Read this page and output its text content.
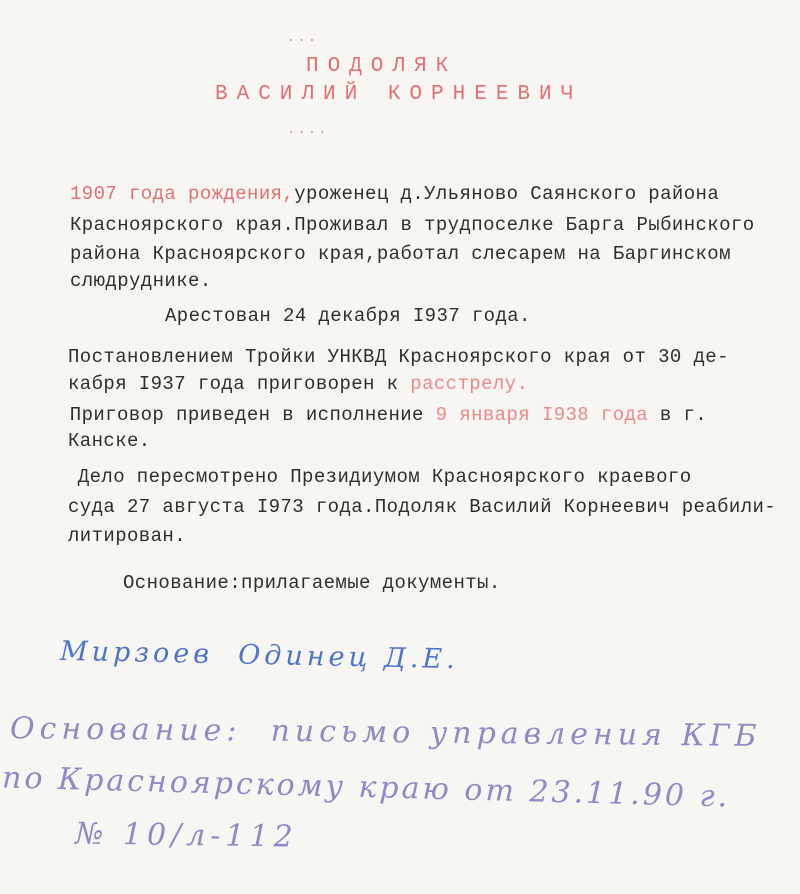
...
ПОДОЛЯК
ВАСИЛИЙ КОРНЕЕВИЧ
....
1907 года рождения,уроженец д.Ульяново Саянского района
Красноярского края.Проживал в трудпоселке Барга Рыбинского
района Красноярского края,работал слесарем на Баргинском
слюдруднике.
Арестован 24 декабря I937 года.
Постановлением Тройки УНКВД Красноярского края от 30 де-
кабря I937 года приговорен к расстрелу.
Приговор приведен в исполнение 9 января I938 года в г.
Канске.
Дело пересмотрено Президиумом Красноярского краевого
суда 27 августа I973 года.Подоляк Василий Корнеевич реабили-
литирован.
Основание:прилагаемые документы.
Мирзоев  Одинец Д.Е.
Основание:  письмо управления КГБ
по Красноярскому краю от 23.11.90 г.
№ 10/л-112
